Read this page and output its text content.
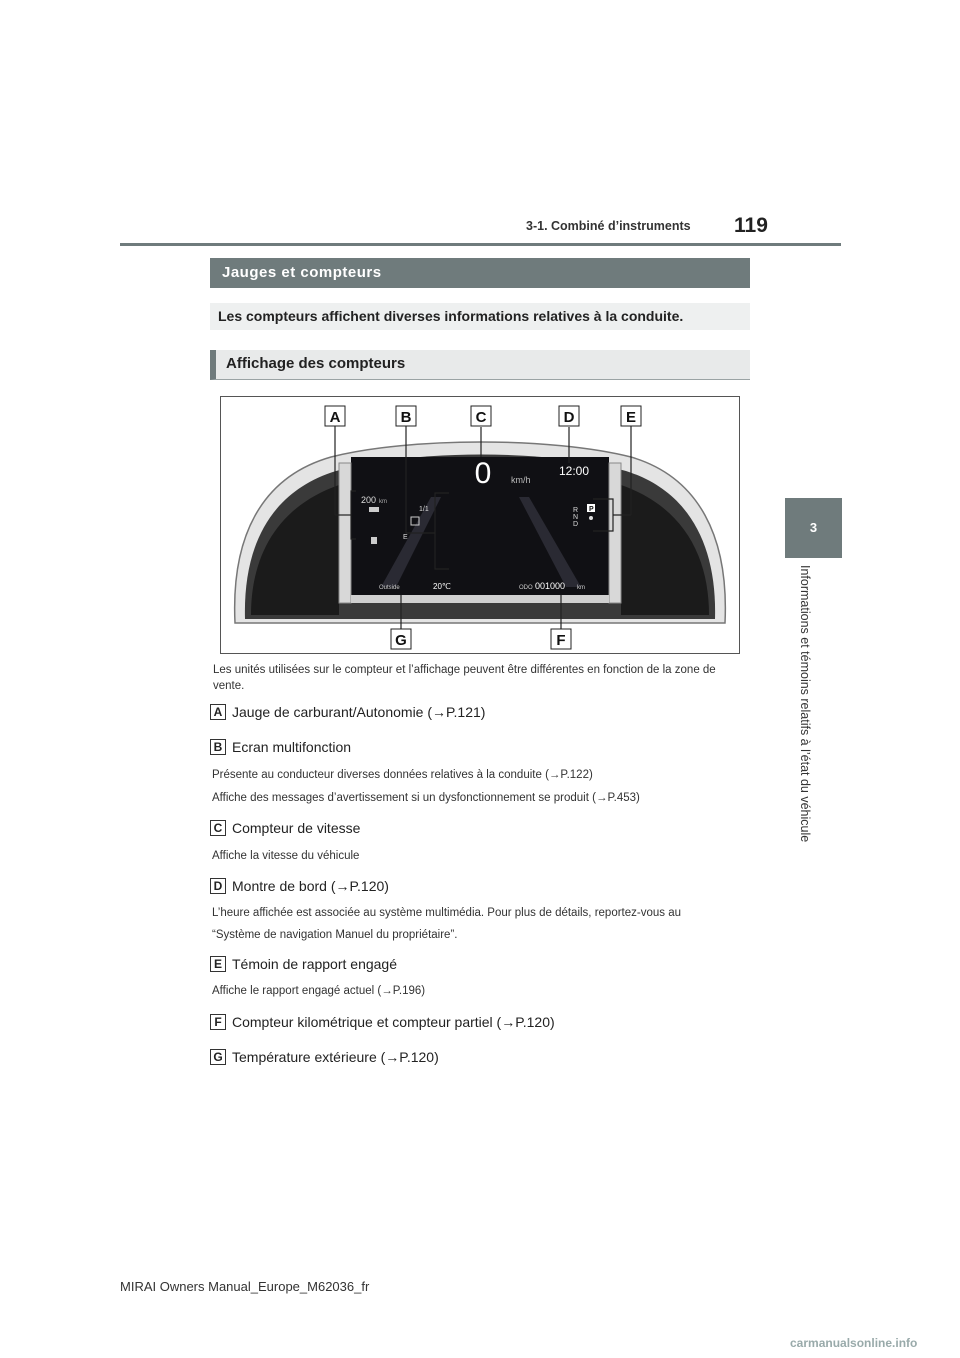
3-1. Combiné d’instruments 119
3
Informations et témoins relatifs à l’état du véhicule
Jauges et compteurs
Les compteurs affichent diverses informations relatives à la conduite.
Affichage des compteurs
0 km/h
12:00
200 km
1/1
E
R
N
D
P
Outside	20℃	ODO 001000 km
A	B	C	D	E
F
G
Les unités utilisées sur le compteur et l’affichage peuvent être différentes en fonction de la zone de vente.
A Jauge de carburant/Autonomie (→P.121)
B Ecran multifonction
Présente au conducteur diverses données relatives à la conduite (→P.122)
Affiche des messages d’avertissement si un dysfonctionnement se produit (→P.453)
C Compteur de vitesse
Affiche la vitesse du véhicule
D Montre de bord (→P.120)
L’heure affichée est associée au système multimédia. Pour plus de détails, reportez-vous au
“Système de navigation Manuel du propriétaire”.
E Témoin de rapport engagé
Affiche le rapport engagé actuel (→P.196)
F Compteur kilométrique et compteur partiel (→P.120)
G Température extérieure (→P.120)
MIRAI Owners Manual_Europe_M62036_fr
carmanualsonline.info
